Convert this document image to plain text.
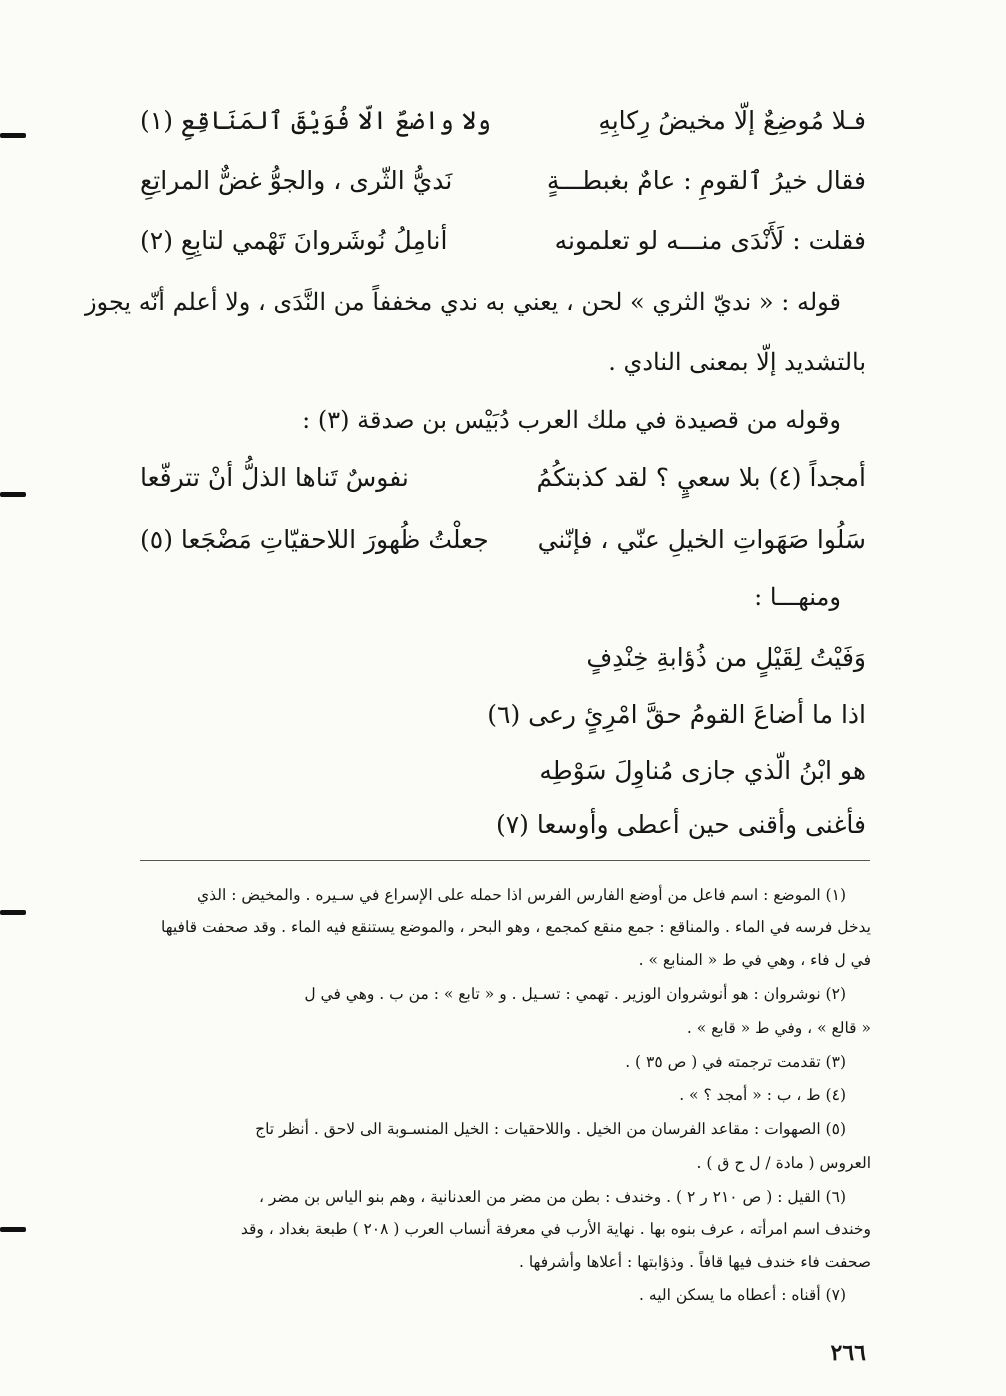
فـلا مُوضِعٌ إلّا مخيضُ رِكابِهِ
ولا واضعٌ الّا فُوَيْقَ ٱلمَنَاقِعِ (١)
فقال خيرُ ٱلقومِ : عامٌ بغبطـــةٍ
نَديُّ الثّرى ، والجوُّ غضٌّ المراتِعِ
فقلت : لَأَنْدَى منـــه لو تعلمونه
أنامِلُ نُوشَروانَ تَهْمي لتابِعِ (٢)
قوله : « نديّ الثري » لحن ، يعني به ندي مخففاً من النَّدَى ، ولا أعلم أنّه يجوز
بالتشديد إلّا بمعنى النادي .
وقوله من قصيدة في ملك العرب دُبَيْس بن صدقة (٣) :
أمجداً (٤) بلا سعيٍ ؟ لقد كذبتكُمُ
نفوسٌ تَناها الذلُّ أنْ تترفّعا
سَلُوا صَهَواتِ الخيلِ عنّي ، فإنّني
جعلْتُ ظُهورَ اللاحقيّاتِ مَضْجَعا (٥)
ومنهـــا :
وَفَيْتُ لِقَيْلٍ من ذُؤابةِ خِنْدِفٍ
اذا ما أضاعَ القومُ حقَّ امْرِئٍ رعى (٦)
هو ابْنُ الّذي جازى مُناوِلَ سَوْطِه
فأغنى وأقنى حين أعطى وأوسعا (٧)
(١) الموضع : اسم فاعل من أوضع الفارس الفرس اذا حمله على الإسراع في سـيره . والمخيض : الذي
يدخل فرسه في الماء . والمناقع : جمع منقع كمجمع ، وهو البحر ، والموضع يستنقع فيه الماء . وقد صحفت قافيها
في ل فاء ، وهي في ط « المنابع » .
(٢) نوشروان : هو أنوشروان الوزير . تهمي : تسـيل . و « تابع » : من ب . وهي في ل
« قالع » ، وفي ط « قابع » .
(٣) تقدمت ترجمته في ( ص ٣٥ ) .
(٤) ط ، ب : « أمجد ؟ » .
(٥) الصهوات : مقاعد الفرسان من الخيل . واللاحقيات : الخيل المنسـوبة الى لاحق . أنظر تاج
العروس ( مادة / ل ح ق ) .
(٦) القيل : ( ص ٢١٠ ر ٢ ) . وخندف : بطن من مضر من العدنانية ، وهم بنو الياس بن مضر ،
وخندف اسم امرأته ، عرف بنوه بها . نهاية الأرب في معرفة أنساب العرب ( ٢٠٨ ) طبعة بغداد ، وقد
صحفت فاء خندف فيها قافاً . وذؤابتها : أعلاها وأشرفها .
(٧) أقناه : أعطاه ما يسكن اليه .
٢٦٦
